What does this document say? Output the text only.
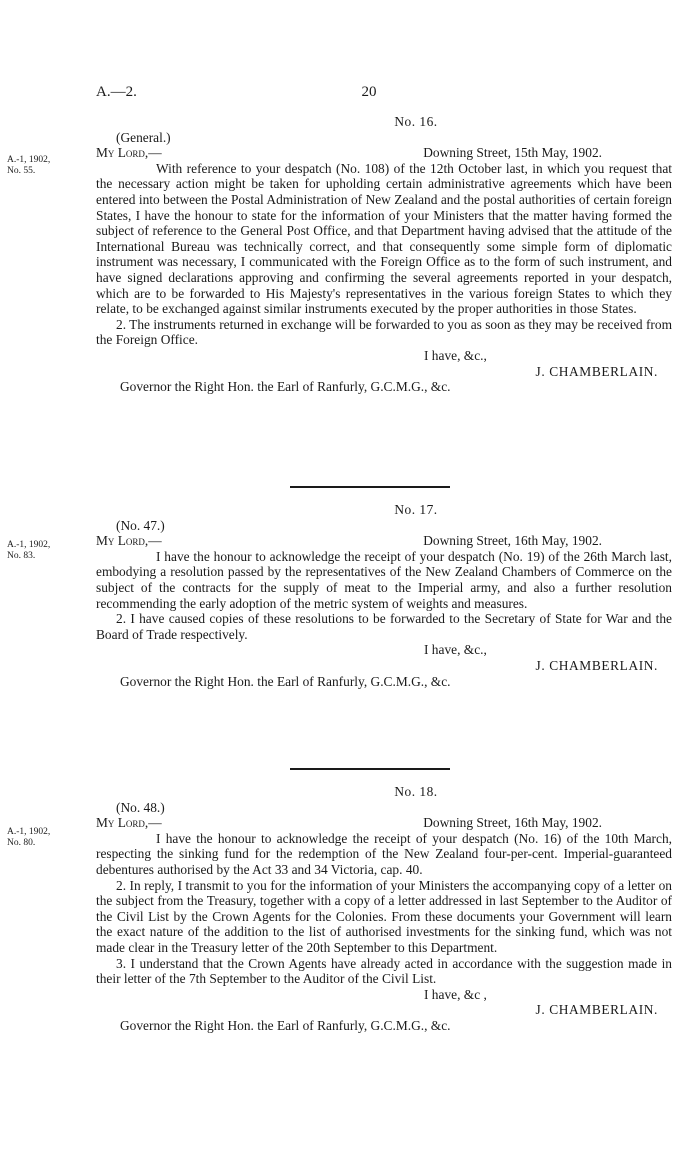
A.—2.	20
A.-1, 1902,
No. 55.

No. 16.

(General.)

My Lord,—	Downing Street, 15th May, 1902.

With reference to your despatch (No. 108) of the 12th October last, in which you request that the necessary action might be taken for upholding certain administrative agreements which have been entered into between the Postal Administration of New Zealand and the postal authorities of certain foreign States, I have the honour to state for the information of your Ministers that the matter having formed the subject of reference to the General Post Office, and that Department having advised that the attitude of the International Bureau was technically correct, and that consequently some simple form of diplomatic instrument was necessary, I communicated with the Foreign Office as to the form of such instrument, and have signed declarations approving and confirming the several agreements reported in your despatch, which are to be forwarded to His Majesty's representatives in the various foreign States to which they relate, to be exchanged against similar instruments executed by the proper authorities in those States.

2. The instruments returned in exchange will be forwarded to you as soon as they may be received from the Foreign Office.

I have, &c.,

J. CHAMBERLAIN.

Governor the Right Hon. the Earl of Ranfurly, G.C.M.G., &c.

A.-1, 1902,
No. 83.

No. 17.

(No. 47.)

My Lord,—	Downing Street, 16th May, 1902.

I have the honour to acknowledge the receipt of your despatch (No. 19) of the 26th March last, embodying a resolution passed by the representatives of the New Zealand Chambers of Commerce on the subject of the contracts for the supply of meat to the Imperial army, and also a further resolution recommending the early adoption of the metric system of weights and measures.

2. I have caused copies of these resolutions to be forwarded to the Secretary of State for War and the Board of Trade respectively.

I have, &c.,

J. CHAMBERLAIN.

Governor the Right Hon. the Earl of Ranfurly, G.C.M.G., &c.

A.-1, 1902,
No. 80.

No. 18.

(No. 48.)

My Lord,—	Downing Street, 16th May, 1902.

I have the honour to acknowledge the receipt of your despatch (No. 16) of the 10th March, respecting the sinking fund for the redemption of the New Zealand four-per-cent. Imperial-guaranteed debentures authorised by the Act 33 and 34 Victoria, cap. 40.

2. In reply, I transmit to you for the information of your Ministers the accompanying copy of a letter on the subject from the Treasury, together with a copy of a letter addressed in last September to the Auditor of the Civil List by the Crown Agents for the Colonies. From these documents your Government will learn the exact nature of the addition to the list of authorised investments for the sinking fund, which was not made clear in the Treasury letter of the 20th September to this Department.

3. I understand that the Crown Agents have already acted in accordance with the suggestion made in their letter of the 7th September to the Auditor of the Civil List.

I have, &c ,

J. CHAMBERLAIN.

Governor the Right Hon. the Earl of Ranfurly, G.C.M.G., &c.
